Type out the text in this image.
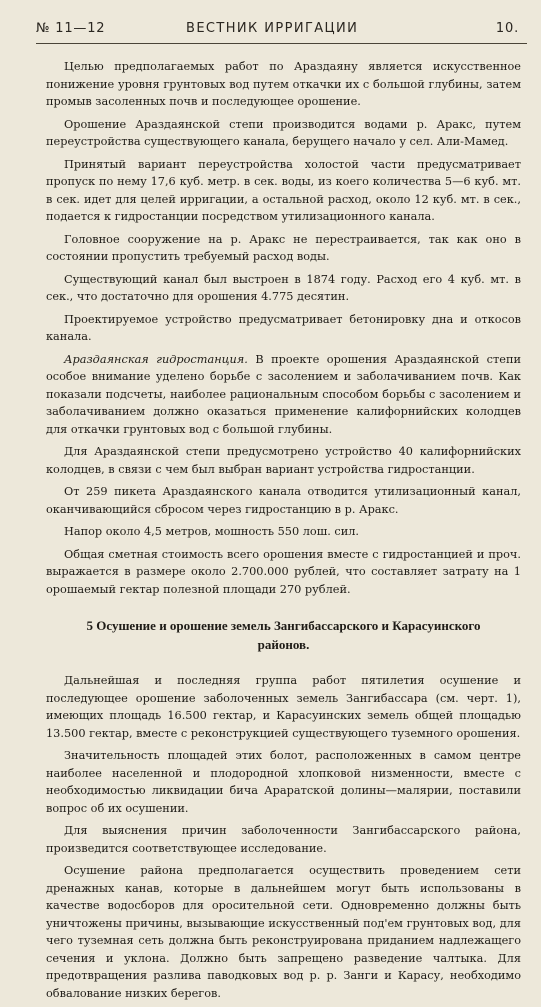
№ 11—12	ВЕСТНИК ИРРИГАЦИИ	10.

Целью предполагаемых работ по Араздаяну является искусственное понижение уровня грунтовых вод путем откачки их с большой глубины, затем промыв засоленных почв и последующее орошение.

Орошение Араздаянской степи производится водами р. Аракс, путем переустройства существующего канала, берущего начало у сел. Али-Мамед.

Принятый вариант переустройства холостой части предусматривает пропуск по нему 17,6 куб. метр. в сек. воды, из коего количества 5—6 куб. мт. в сек. идет для целей ирригации, а остальной расход, около 12 куб. мт. в сек., подается к гидростанции посредством утилизационного канала.

Головное сооружение на р. Аракс не перестраивается, так как оно в состоянии пропустить требуемый расход воды.

Существующий канал был выстроен в 1874 году. Расход его 4 куб. мт. в сек., что достаточно для орошения 4.775 десятин.

Проектируемое устройство предусматривает бетонировку дна и откосов канала.

Араздаянская гидростанция. В проекте орошения Араздаянской степи особое внимание уделено борьбе с засолением и заболачиванием почв. Как показали подсчеты, наиболее рациональным способом борьбы с засолением и заболачиванием должно оказаться применение калифорнийских колодцев для откачки грунтовых вод с большой глубины.

Для Араздаянской степи предусмотрено устройство 40 калифорнийских колодцев, в связи с чем был выбран вариант устройства гидростанции.

От 259 пикета Араздаянского канала отводится утилизационный канал, оканчивающийся сбросом через гидростанцию в р. Аракс.

Напор около 4,5 метров, мошность 550 лош. сил.

Общая сметная стоимость всего орошения вместе с гидростанцией и проч. выражается в размере около 2.700.000 рублей, что составляет затрату на 1 орошаемый гектар полезной площади 270 рублей.

5 Осушение и орошение земель Зангибассарского и Карасуинского
районов.

Дальнейшая и последняя группа работ пятилетия осушение и последующее орошение заболоченных земель Зангибассара (см. черт. 1), имеющих площадь 16.500 гектар, и Карасуинских земель общей площадью 13.500 гектар, вместе с реконструкцией существующего туземного орошения.

Значительность площадей этих болот, расположенных в самом центре наиболее населенной и плодородной хлопковой низменности, вместе с необходимостью ликвидации бича Араратской долины—малярии, поставили вопрос об их осушении.

Для выяснения причин заболоченности Зангибассарского района, произведится соответствующее исследование.

Осушение района предполагается осуществить проведением сети дренажных канав, которые в дальнейшем могут быть использованы в качестве водосборов для оросительной сети. Одновременно должны быть уничтожены причины, вызывающие искусственный под'ем грунтовых вод, для чего туземная сеть должна быть реконструирована приданием надлежащего сечения и уклона. Должно быть запрещено разведение чалтыка. Для предотвращения разлива паводковых вод р. р. Занги и Карасу, необходимо обвалование низких берегов.
